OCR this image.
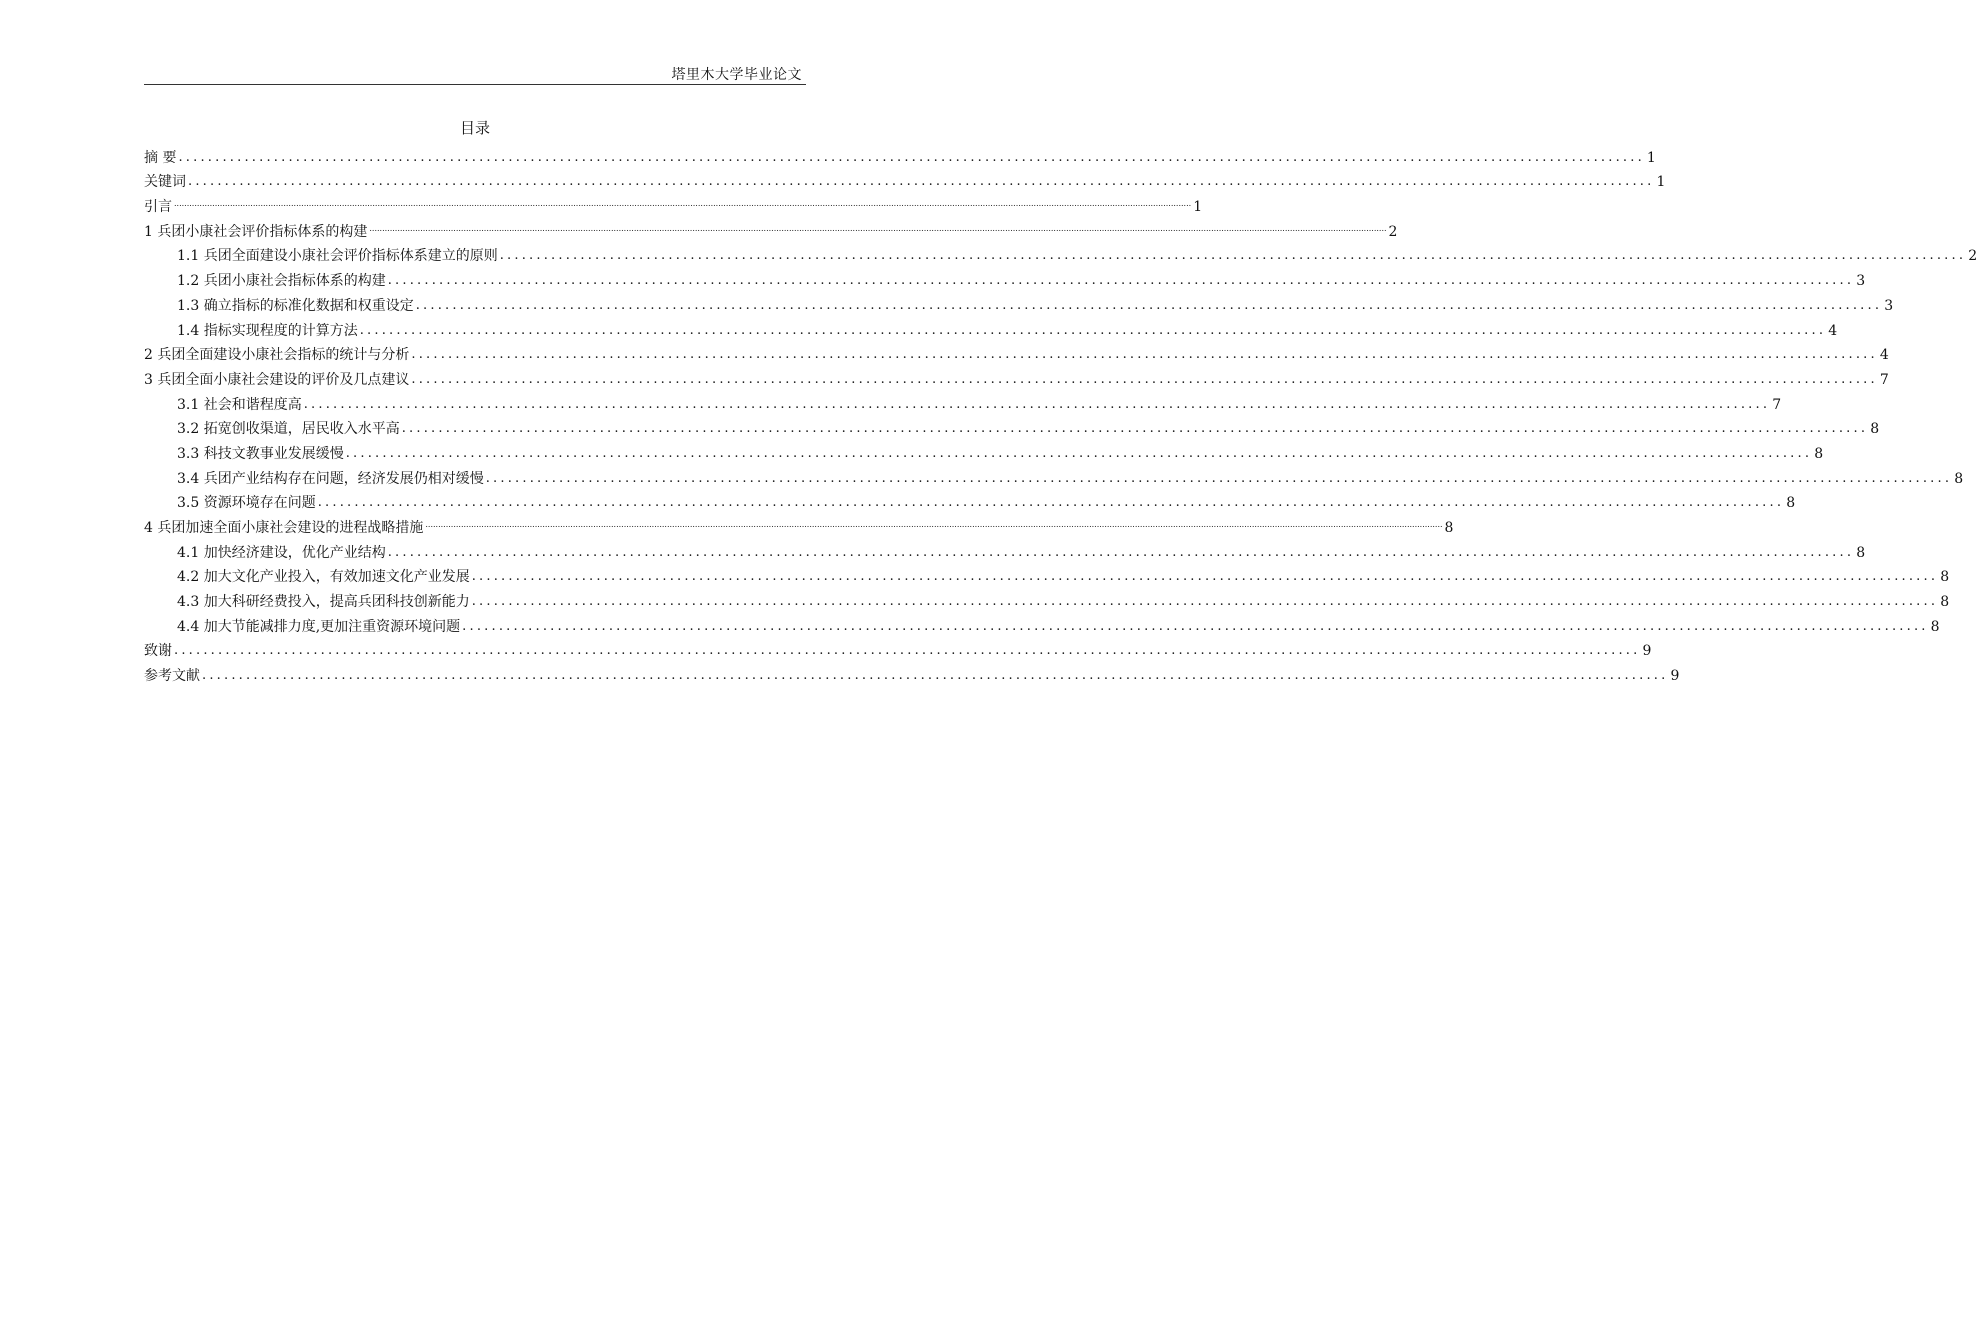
塔里木大学毕业论文
目录
摘 要 ........................................................................................................................................................................................................ 1
关键词 ........................................................................................................................................................................................................ 1
引言 ................................................................................................................................................................................................................................................................................................................................................................................................................ 1
1 兵团小康社会评价指标体系的构建 ................................................................................................................................................................................................................................................................................................................................................................................................................ 2
1.1 兵团全面建设小康社会评价指标体系建立的原则 ........................................................................................................................................................................................................ 2
1.2 兵团小康社会指标体系的构建 ........................................................................................................................................................................................................ 3
1.3 确立指标的标准化数据和权重设定 ........................................................................................................................................................................................................ 3
1.4 指标实现程度的计算方法 ........................................................................................................................................................................................................ 4
2 兵团全面建设小康社会指标的统计与分析 ........................................................................................................................................................................................................ 4
3 兵团全面小康社会建设的评价及几点建议 ........................................................................................................................................................................................................ 7
3.1 社会和谐程度高 ........................................................................................................................................................................................................ 7
3.2 拓宽创收渠道，居民收入水平高 ........................................................................................................................................................................................................ 8
3.3 科技文教事业发展缓慢 ........................................................................................................................................................................................................ 8
3.4 兵团产业结构存在问题，经济发展仍相对缓慢 ........................................................................................................................................................................................................ 8
3.5 资源环境存在问题 ........................................................................................................................................................................................................ 8
4 兵团加速全面小康社会建设的进程战略措施 ................................................................................................................................................................................................................................................................................................................................................................................................................ 8
4.1 加快经济建设，优化产业结构 ........................................................................................................................................................................................................ 8
4.2 加大文化产业投入，有效加速文化产业发展 ........................................................................................................................................................................................................ 8
4.3 加大科研经费投入，提高兵团科技创新能力 ........................................................................................................................................................................................................ 8
4.4 加大节能减排力度,更加注重资源环境问题 ........................................................................................................................................................................................................ 8
致谢 ........................................................................................................................................................................................................ 9
参考文献 ........................................................................................................................................................................................................ 9
